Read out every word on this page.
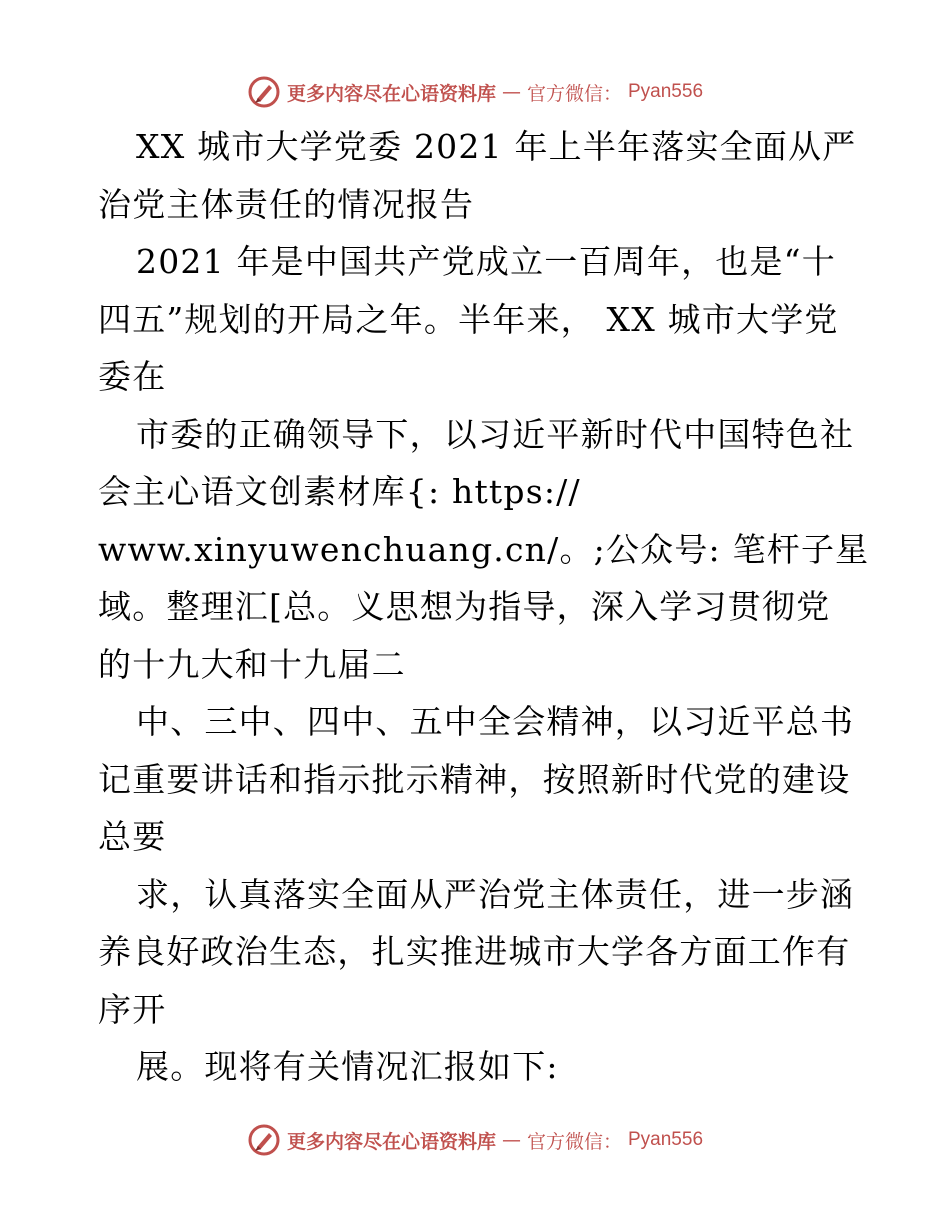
更多内容尽在心语资料库 — 官方微信： Pyan556
XX 城市大学党委 2021 年上半年落实全面从严
治党主体责任的情况报告
2021 年是中国共产党成立一百周年，也是“十
四五”规划的开局之年。半年来， XX 城市大学党
委在
市委的正确领导下，以习近平新时代中国特色社
会主心语文创素材库{: https://
www.xinyuwenchuang.cn/。;公众号: 笔杆子星
域。整理汇[总。义思想为指导，深入学习贯彻党
的十九大和十九届二
中、三中、四中、五中全会精神，以习近平总书
记重要讲话和指示批示精神，按照新时代党的建设
总要
求，认真落实全面从严治党主体责任，进一步涵
养良好政治生态，扎实推进城市大学各方面工作有
序开
展。现将有关情况汇报如下:
更多内容尽在心语资料库 — 官方微信： Pyan556
